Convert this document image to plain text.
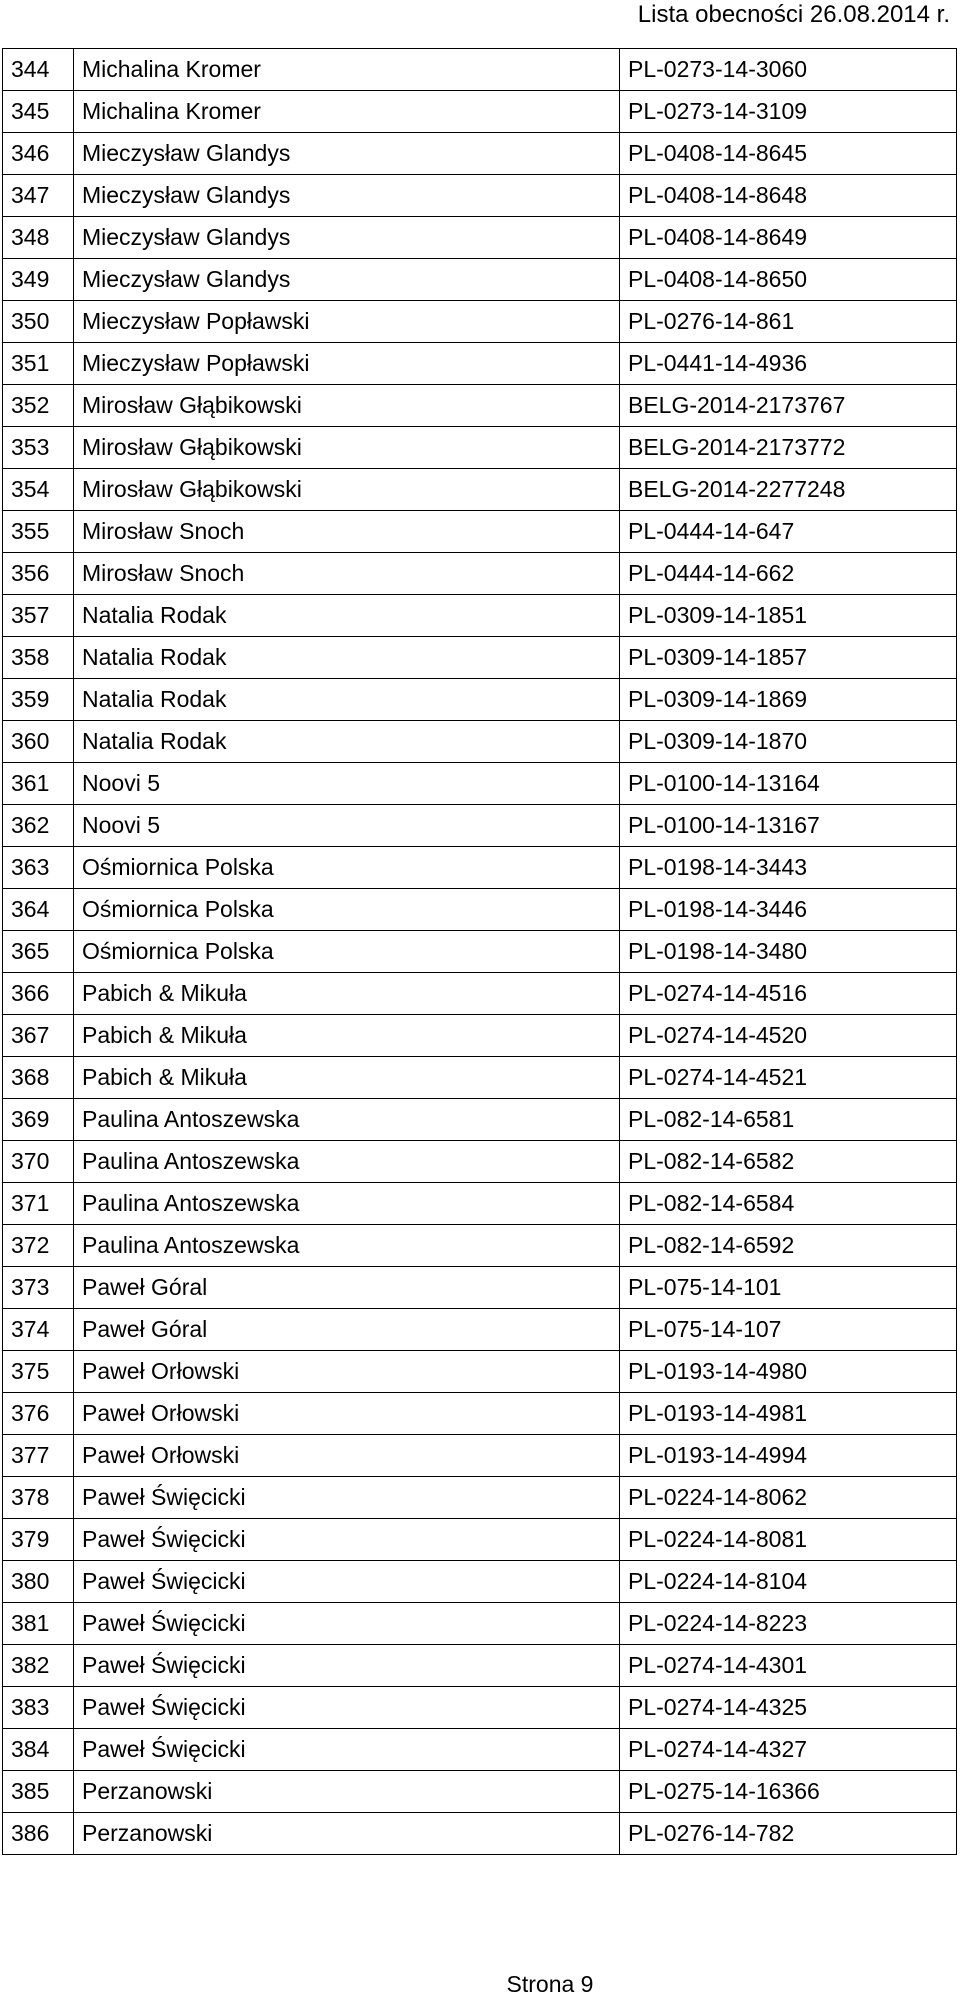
Lista obecności 26.08.2014 r.
344	Michalina Kromer	PL-0273-14-3060
345	Michalina Kromer	PL-0273-14-3109
346	Mieczysław Glandys	PL-0408-14-8645
347	Mieczysław Glandys	PL-0408-14-8648
348	Mieczysław Glandys	PL-0408-14-8649
349	Mieczysław Glandys	PL-0408-14-8650
350	Mieczysław Popławski	PL-0276-14-861
351	Mieczysław Popławski	PL-0441-14-4936
352	Mirosław Głąbikowski	BELG-2014-2173767
353	Mirosław Głąbikowski	BELG-2014-2173772
354	Mirosław Głąbikowski	BELG-2014-2277248
355	Mirosław Snoch	PL-0444-14-647
356	Mirosław Snoch	PL-0444-14-662
357	Natalia Rodak	PL-0309-14-1851
358	Natalia Rodak	PL-0309-14-1857
359	Natalia Rodak	PL-0309-14-1869
360	Natalia Rodak	PL-0309-14-1870
361	Noovi 5	PL-0100-14-13164
362	Noovi 5	PL-0100-14-13167
363	Ośmiornica Polska	PL-0198-14-3443
364	Ośmiornica Polska	PL-0198-14-3446
365	Ośmiornica Polska	PL-0198-14-3480
366	Pabich & Mikuła	PL-0274-14-4516
367	Pabich & Mikuła	PL-0274-14-4520
368	Pabich & Mikuła	PL-0274-14-4521
369	Paulina Antoszewska	PL-082-14-6581
370	Paulina Antoszewska	PL-082-14-6582
371	Paulina Antoszewska	PL-082-14-6584
372	Paulina Antoszewska	PL-082-14-6592
373	Paweł Góral	PL-075-14-101
374	Paweł Góral	PL-075-14-107
375	Paweł Orłowski	PL-0193-14-4980
376	Paweł Orłowski	PL-0193-14-4981
377	Paweł Orłowski	PL-0193-14-4994
378	Paweł Święcicki	PL-0224-14-8062
379	Paweł Święcicki	PL-0224-14-8081
380	Paweł Święcicki	PL-0224-14-8104
381	Paweł Święcicki	PL-0224-14-8223
382	Paweł Święcicki	PL-0274-14-4301
383	Paweł Święcicki	PL-0274-14-4325
384	Paweł Święcicki	PL-0274-14-4327
385	Perzanowski	PL-0275-14-16366
386	Perzanowski	PL-0276-14-782
Strona 9
